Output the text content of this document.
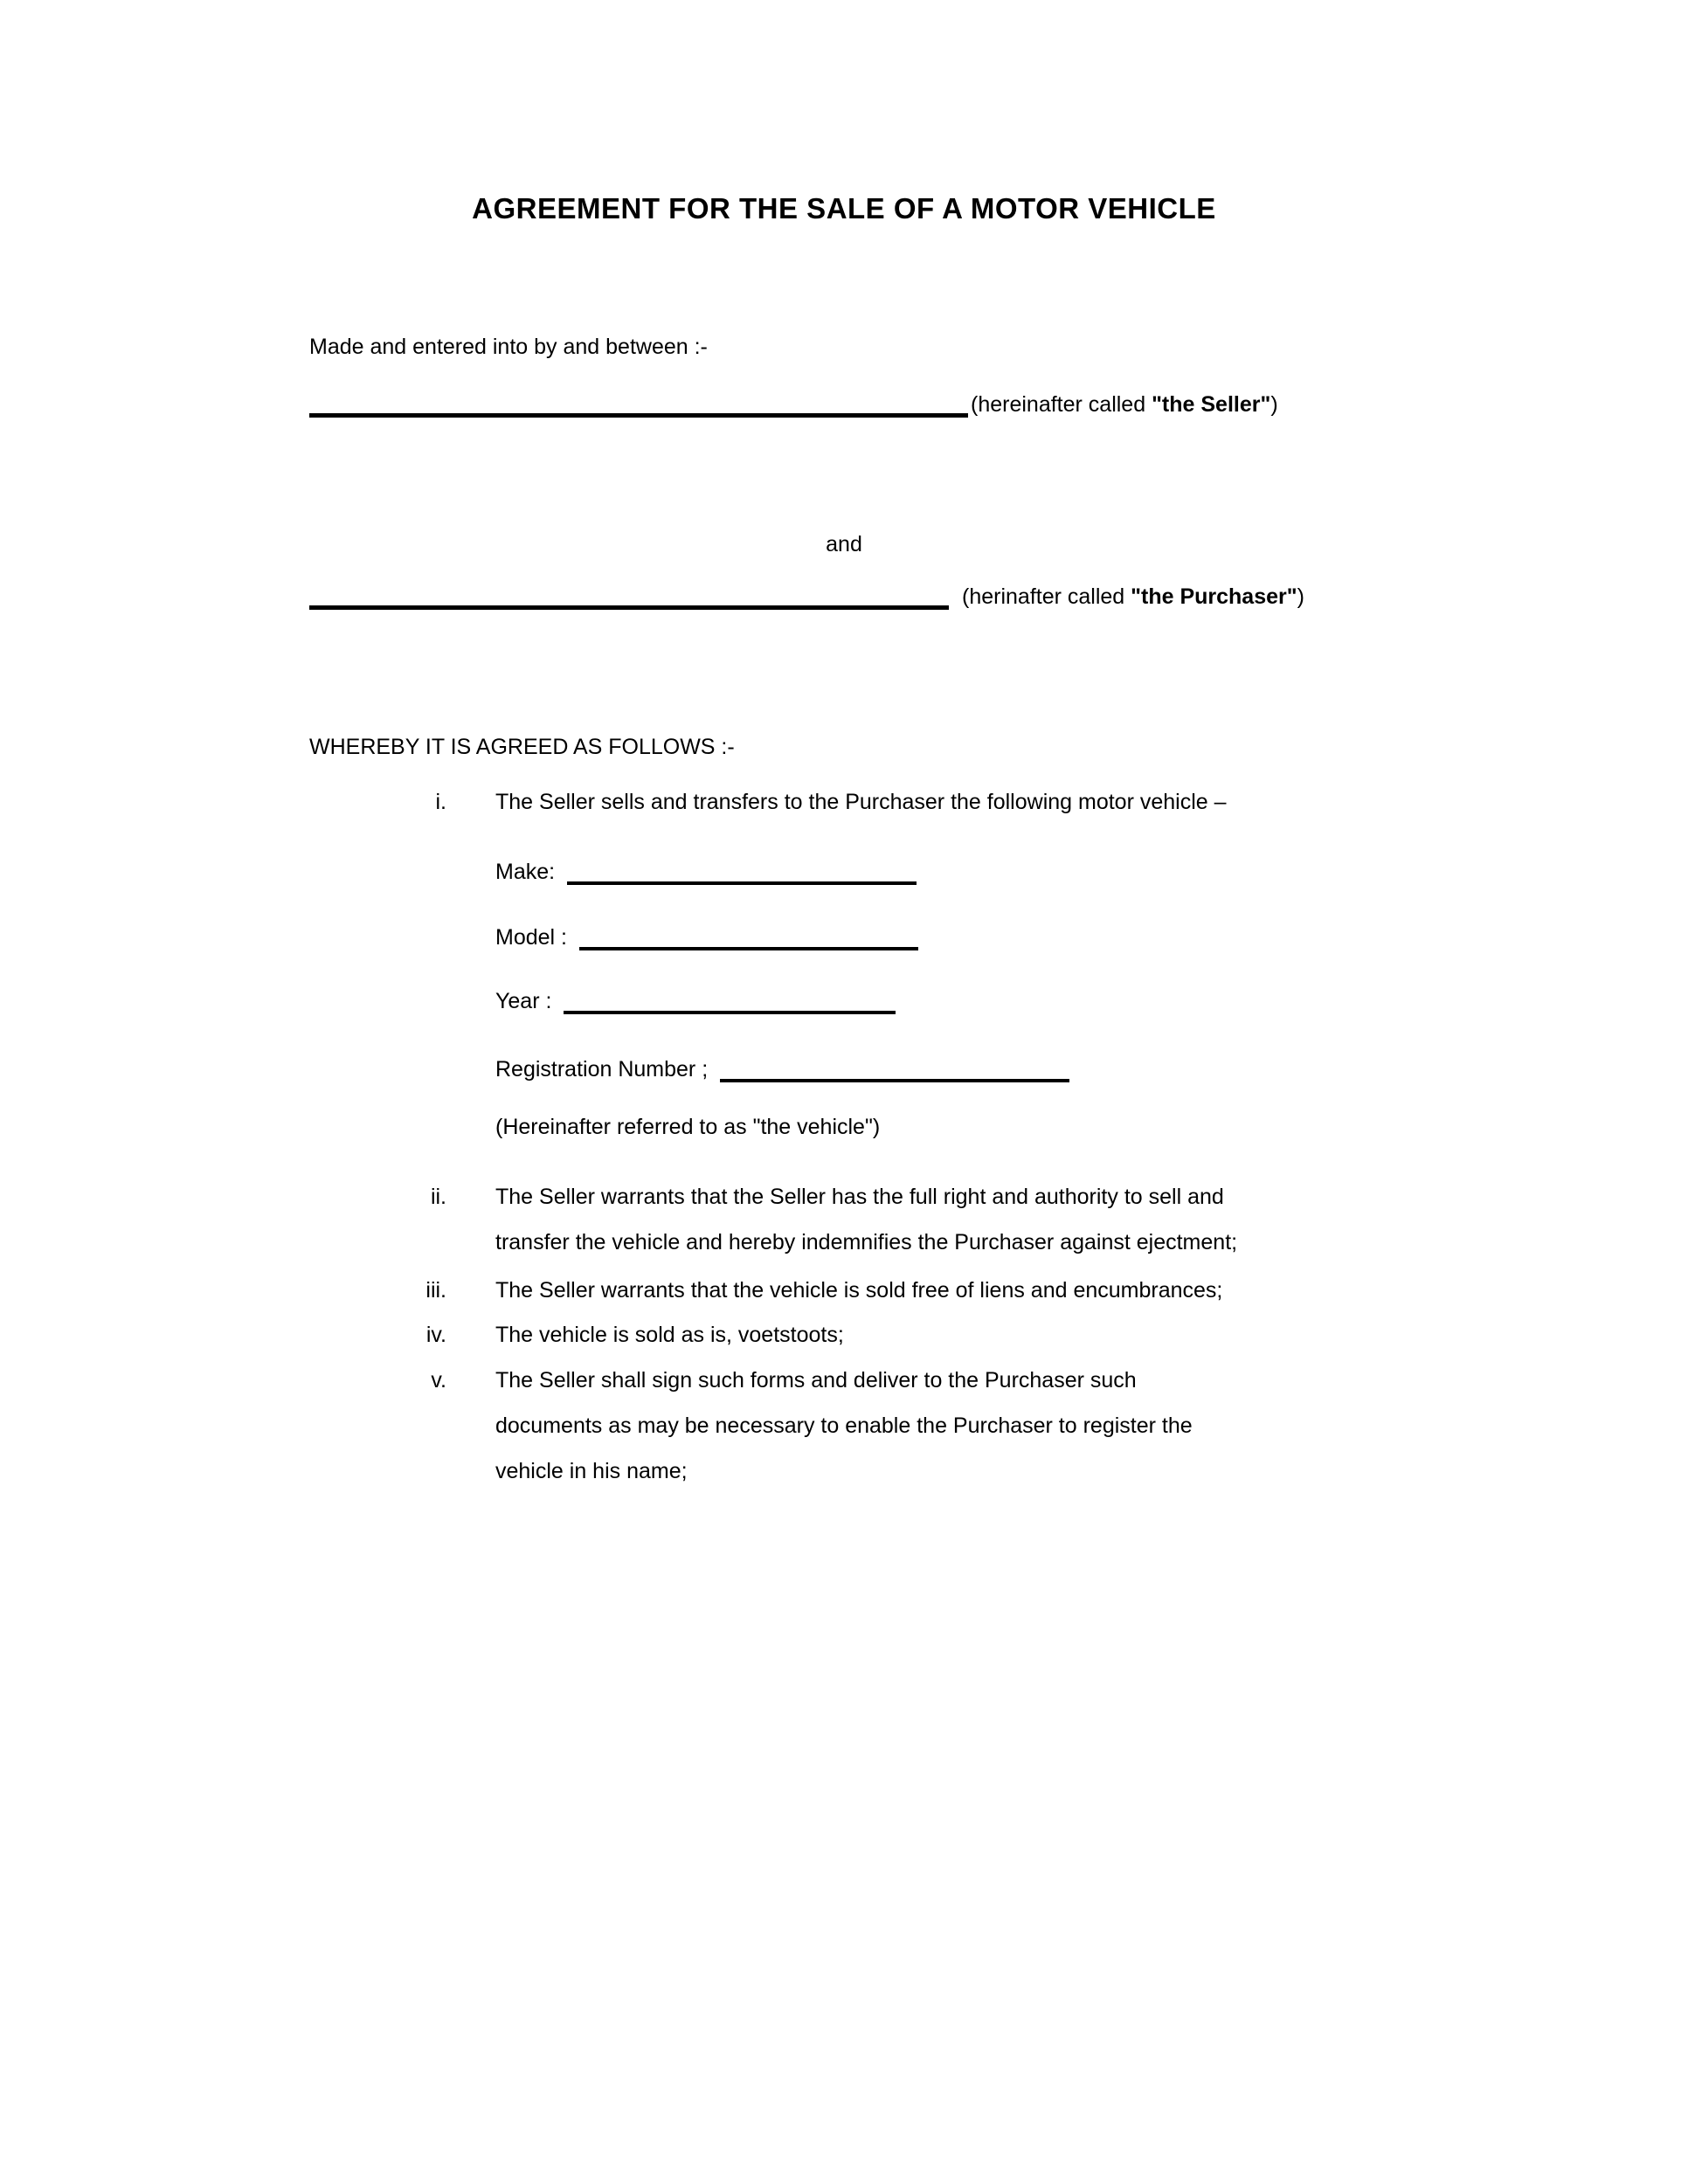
AGREEMENT FOR THE SALE OF A MOTOR VEHICLE
Made and entered into by and between :-
(hereinafter called "the Seller")
and
(herinafter called "the Purchaser")
WHEREBY IT IS AGREED AS FOLLOWS :-
i. The Seller sells and transfers to the Purchaser the following motor vehicle –
Make:
Model :
Year :
Registration Number ;
(Hereinafter referred to as "the vehicle")
ii. The Seller warrants that the Seller has the full right and authority to sell and
transfer the vehicle and hereby indemnifies the Purchaser against ejectment;
iii. The Seller warrants that the vehicle is sold free of liens and encumbrances;
iv. The vehicle is sold as is, voetstoots;
v. The Seller shall sign such forms and deliver to the Purchaser such
documents as may be necessary to enable the Purchaser to register the
vehicle in his name;
